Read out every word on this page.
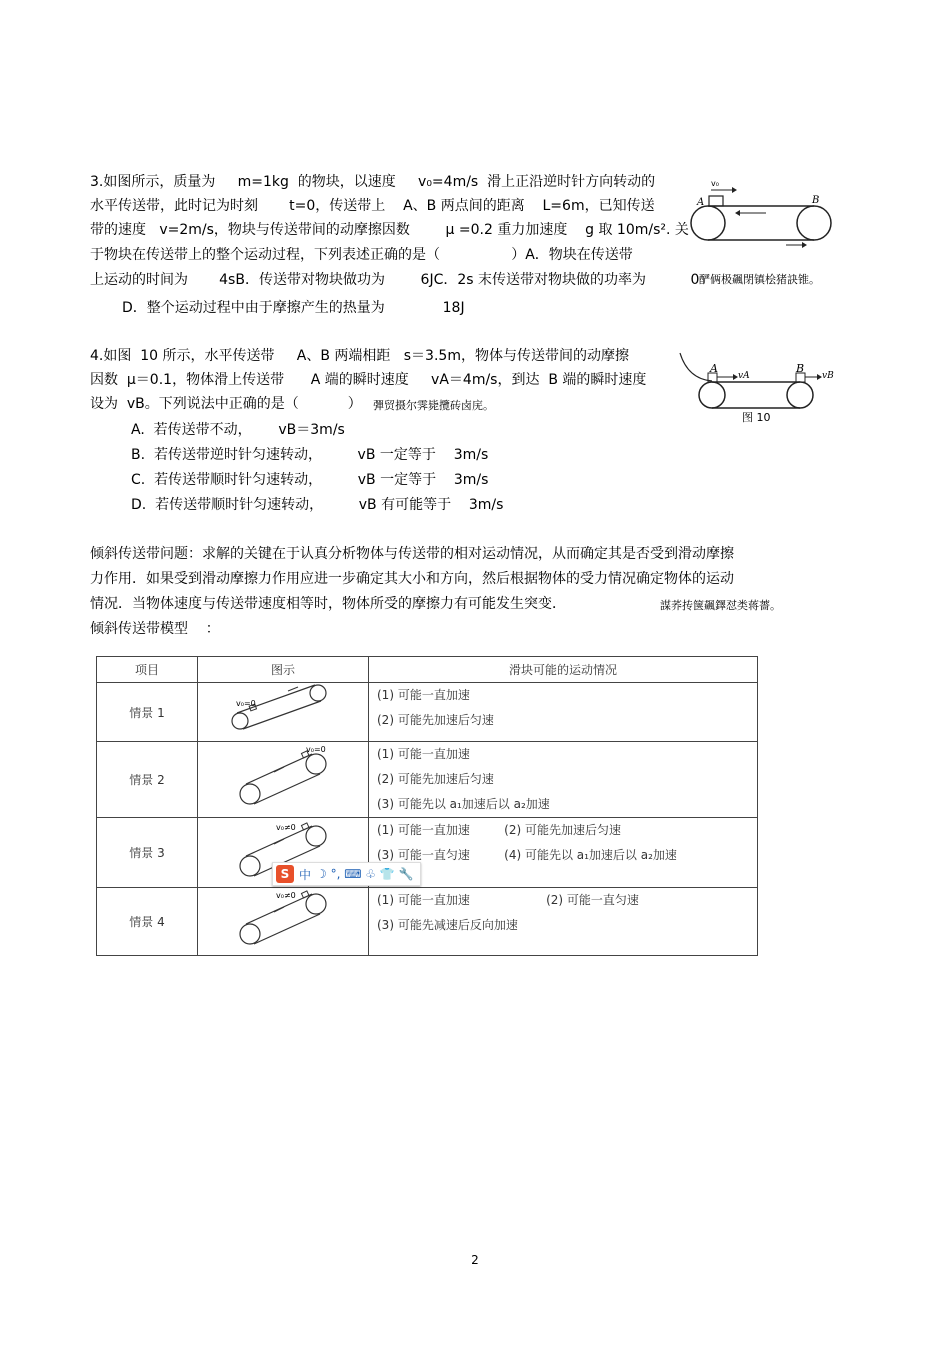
3.如图所示，质量为     m=1kg  的物块，以速度     v₀=4m/s  滑上正沿逆时针方向转动的
水平传送带，此时记为时刻       t=0，传送带上    A、B 两点间的距离    L=6m，已知传送
带的速度   v=2m/s，物块与传送带间的动摩擦因数        μ =0.2 重力加速度    g 取 10m/s². 关
于物块在传送带上的整个运动过程，下列表述正确的是（                ）A．物块在传送带
上运动的时间为       4sB．传送带对物块做功为        6JC．2s 末传送带对物块做的功率为          0 酽俩极飆閉镇桧猪訣锥。
D．整个运动过程中由于摩擦产生的热量为             18J
v₀
A	B
4.如图  10 所示，水平传送带     A、B 两端相距   s＝3.5m，物体与传送带间的动摩擦
因数  μ＝0.1，物体滑上传送带      A 端的瞬时速度     vA＝4m/s，到达  B 端的瞬时速度
设为  vB。下列说法中正确的是（           ） 彈贸摄尔霁毙攬砖卤庑。
A.  若传送带不动，      vB＝3m/s
B.  若传送带逆时针匀速转动，        vB 一定等于    3m/s
C.  若传送带顺时针匀速转动，        vB 一定等于    3m/s
D.  若传送带顺时针匀速转动，        vB 有可能等于    3m/s
A
vA
B
vB
图 10
倾斜传送带问题：求解的关键在于认真分析物体与传送带的相对运动情况，从而确定其是否受到滑动摩擦
力作用．如果受到滑动摩擦力作用应进一步确定其大小和方向，然后根据物体的受力情况确定物体的运动
情况．当物体速度与传送带速度相等时，物体所受的摩擦力有可能发生突变．	謀荞抟箧飆鐸怼类蒋薔。
倾斜传送带模型    ：
项目	图示	滑块可能的运动情况
情景 1	v₀=0	(1) 可能一直加速
(2) 可能先加速后匀速

情景 2	v₀=0	(1) 可能一直加速
(2) 可能先加速后匀速
(3) 可能先以 a₁加速后以 a₂加速

情景 3	v₀≠0	(1) 可能一直加速         (2) 可能先加速后匀速
(3) 可能一直匀速         (4) 可能先以 a₁加速后以 a₂加速

情景 4	v₀≠0	(1) 可能一直加速                    (2) 可能一直匀速
(3) 可能先减速后反向加速
S 中 ☽ °, ⌨ ♧ 👕 🔧
2
